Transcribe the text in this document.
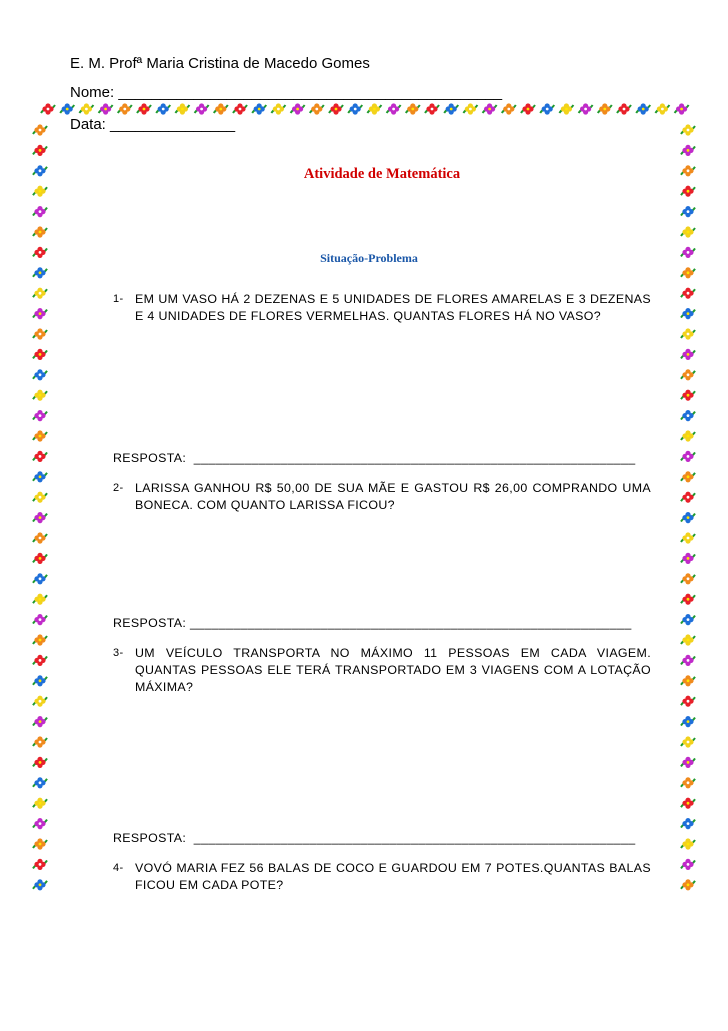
E. M. Profª Maria Cristina de Macedo Gomes
Nome: ______________________________________________
Data: _______________
Atividade de Matemática
Situação-Problema
1- EM UM VASO HÁ 2 DEZENAS E 5 UNIDADES DE FLORES AMARELAS E 3 DEZENAS E 4 UNIDADES DE FLORES VERMELHAS. QUANTAS FLORES HÁ NO VASO?
RESPOSTA:  _____________________________________________________________
2- LARISSA GANHOU R$ 50,00 DE SUA MÃE E GASTOU R$ 26,00 COMPRANDO UMA BONECA. COM QUANTO LARISSA FICOU?
RESPOSTA: _____________________________________________________________
3- UM VEÍCULO TRANSPORTA NO MÁXIMO 11 PESSOAS EM CADA VIAGEM. QUANTAS PESSOAS ELE TERÁ TRANSPORTADO EM 3 VIAGENS COM A LOTAÇÃO MÁXIMA?
RESPOSTA:  _____________________________________________________________
4- VOVÓ MARIA FEZ 56 BALAS DE COCO E GUARDOU EM 7 POTES.QUANTAS BALAS FICOU EM CADA POTE?
